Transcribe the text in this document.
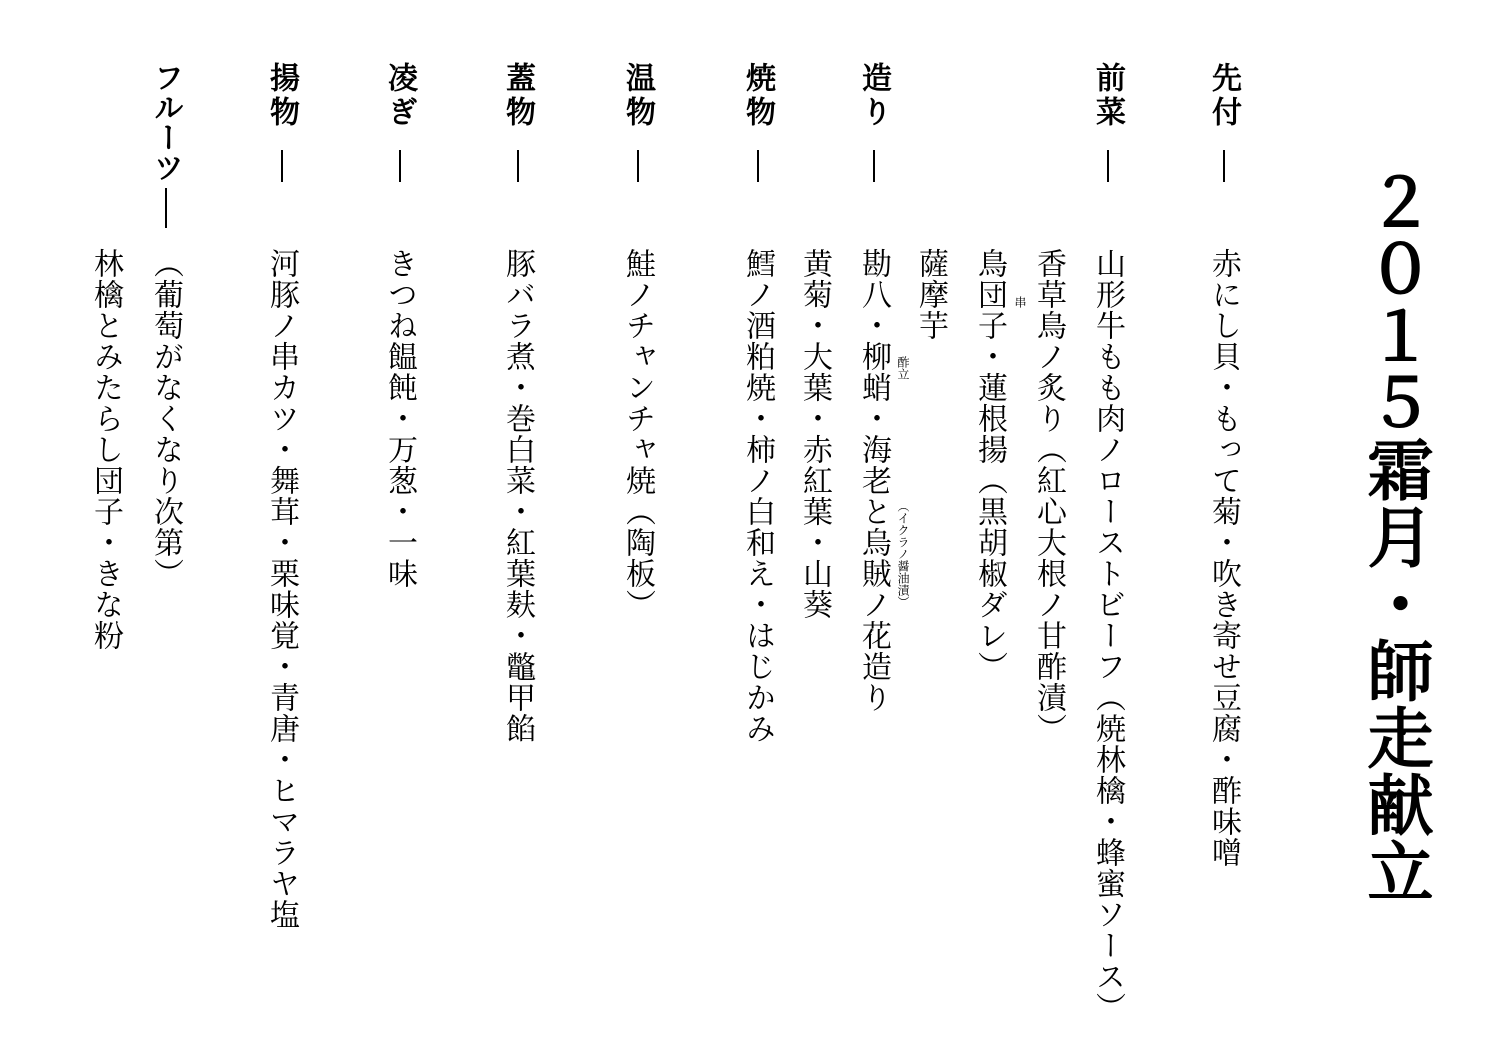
２０１５霜月・師走献立
先付
赤にし貝・もって菊・吹き寄せ豆腐・酢味噌
前菜
山形牛もも肉ノローストビーフ（焼林檎・蜂蜜ソース）
香草鳥ノ炙り（紅心大根ノ甘酢漬）
串
鳥団子・蓮根揚（黒胡椒ダレ）
薩摩芋
造り
勘八・柳蛸・海老と烏賊ノ花造り 酢立
（イクラノ醤油漬）
焼物
黄菊・大葉・赤紅葉・山葵
鱈ノ酒粕焼・柿ノ白和え・はじかみ
温物
鮭ノチャンチャ焼（陶板）
蓋物
豚バラ煮・巻白菜・紅葉麸・鼈甲餡
凌ぎ
きつね饂飩・万葱・一味
揚物
河豚ノ串カツ・舞茸・栗味覚・青唐・ヒマラヤ塩
フルーツ
（葡萄がなくなり次第）
林檎とみたらし団子・きな粉
